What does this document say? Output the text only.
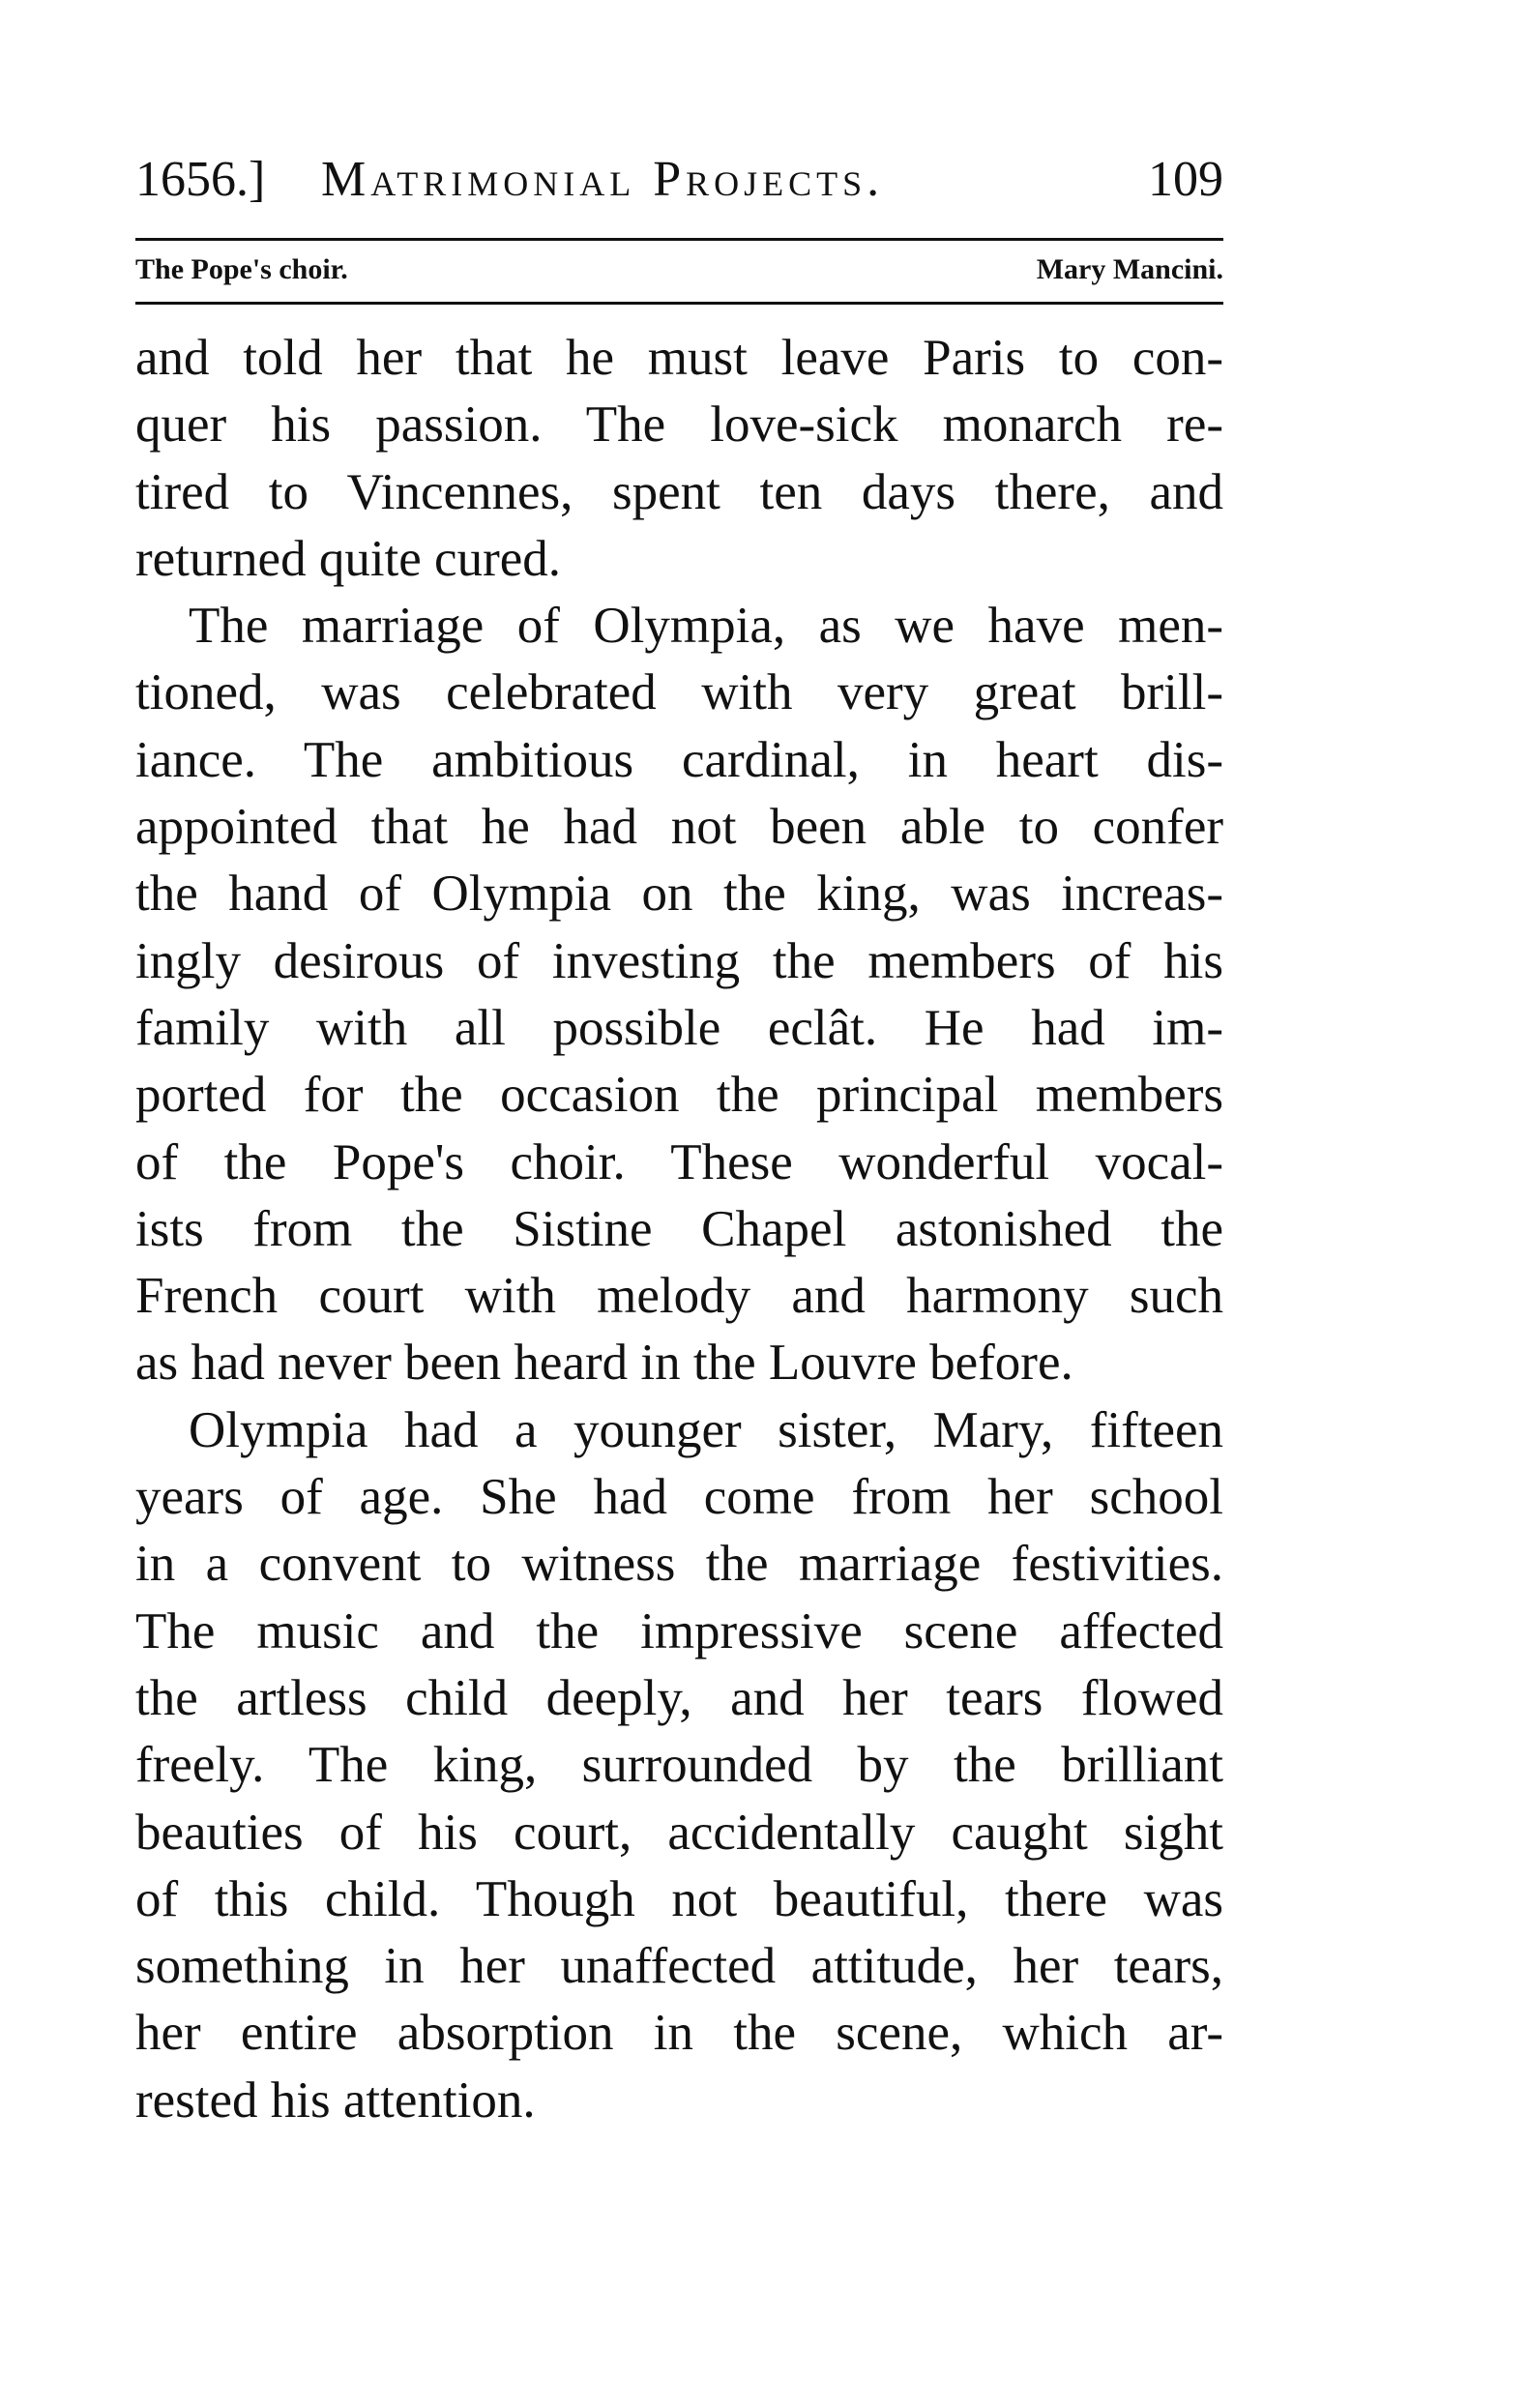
1656.] Matrimonial Projects.	109
The Pope's choir.	Mary Mancini.
and told her that he must leave Paris to con-
quer his passion. The love-sick monarch re-
tired to Vincennes, spent ten days there, and
returned quite cured.
The marriage of Olympia, as we have men-
tioned, was celebrated with very great brill-
iance. The ambitious cardinal, in heart dis-
appointed that he had not been able to confer
the hand of Olympia on the king, was increas-
ingly desirous of investing the members of his
family with all possible eclât. He had im-
ported for the occasion the principal members
of the Pope's choir. These wonderful vocal-
ists from the Sistine Chapel astonished the
French court with melody and harmony such
as had never been heard in the Louvre before.
Olympia had a younger sister, Mary, fifteen
years of age. She had come from her school
in a convent to witness the marriage festivities.
The music and the impressive scene affected
the artless child deeply, and her tears flowed
freely. The king, surrounded by the brilliant
beauties of his court, accidentally caught sight
of this child. Though not beautiful, there was
something in her unaffected attitude, her tears,
her entire absorption in the scene, which ar-
rested his attention.
